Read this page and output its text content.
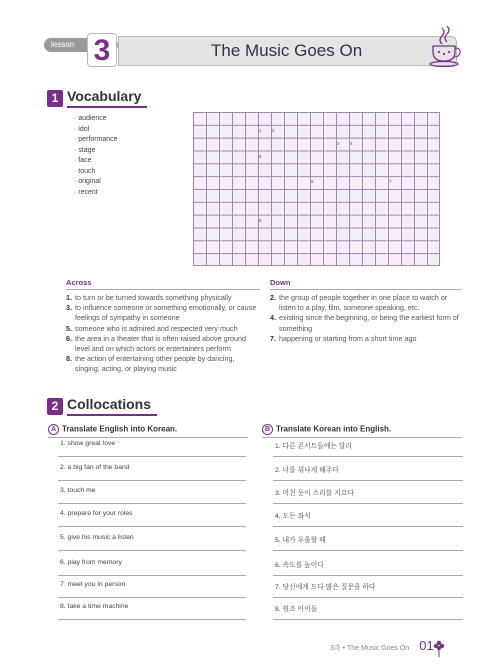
lesson	The Music Goes On
3
1 Vocabulary
· audience
· idol
· performance
· stage
· face
· touch
· original
· recent
1 2
3 4
5
6	7
8
Across
1. to turn or be turned towards something physically
3. to influence someone or something emotionally, or cause feelings of sympathy in someone
5. someone who is admired and respected very much
6. the area in a theater that is often raised above ground level and on which actors or entertainers perform
8. the action of entertaining other people by dancing, singing, acting, or playing music
Down
2. the group of people together in one place to watch or listen to a play, film, someone speaking, etc.
4. existing since the beginning, or being the earliest form of something
7. happening or starting from a short time ago
2 Collocations
A Translate English into Korean.	B Translate Korean into English.
1. show great love
2. a big fan of the band
3. touch me
4. prepare for your roles
5. give his music a listen
6. play from memory
7. meet you in person
8. take a time machine
1. 다른 콘서트들에는 달리
2. 너를 위나게 해주다
3. 미친 듯이 소리를 지르다
4. 도든 좌석
5. 내가 우울할 때
6. 속도를 높이다
7. 당신에게 도다 많은 질문을 하다
8. 원조 아이돌
3과 • The Music Goes On 01
